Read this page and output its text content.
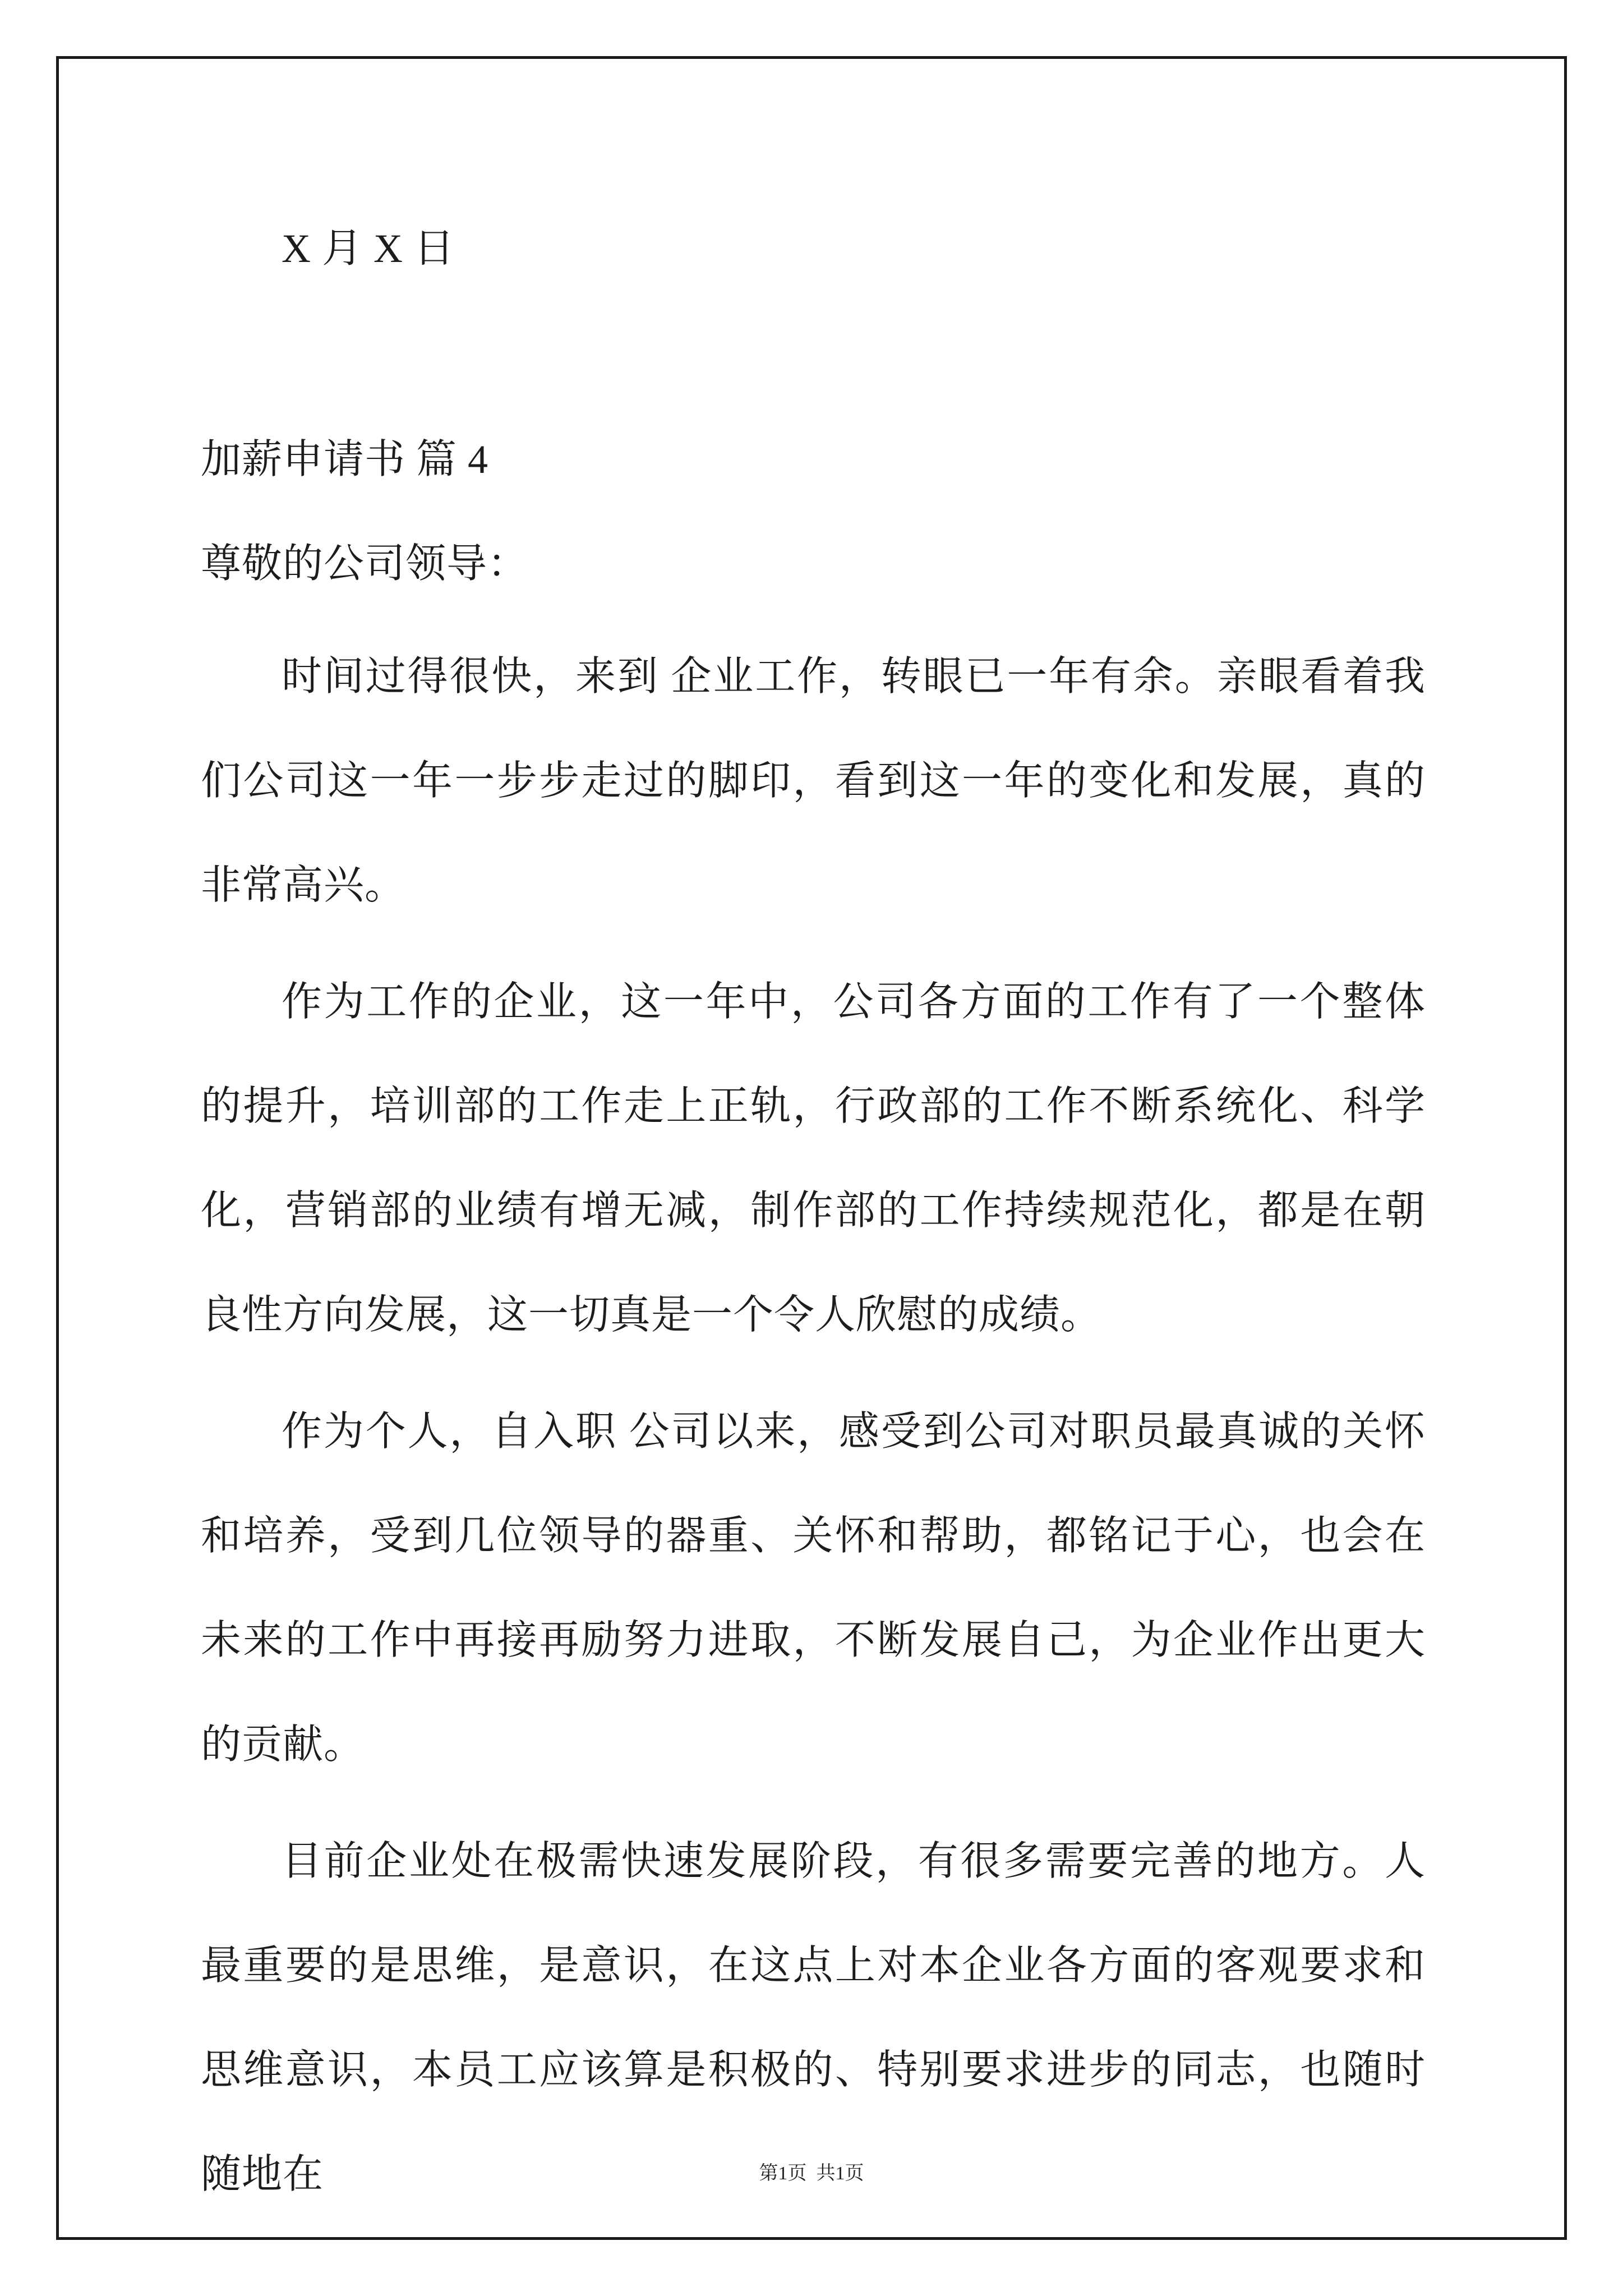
X 月 X 日

加薪申请书 篇 4

尊敬的公司领导：

时间过得很快，来到 企业工作，转眼已一年有余。亲眼看着我们公司这一年一步步走过的脚印，看到这一年的变化和发展，真的非常高兴。

作为工作的企业，这一年中，公司各方面的工作有了一个整体的提升，培训部的工作走上正轨，行政部的工作不断系统化、科学化，营销部的业绩有增无减，制作部的工作持续规范化，都是在朝良性方向发展，这一切真是一个令人欣慰的成绩。

作为个人，自入职 公司以来，感受到公司对职员最真诚的关怀和培养，受到几位领导的器重、关怀和帮助，都铭记于心，也会在未来的工作中再接再励努力进取，不断发展自己，为企业作出更大的贡献。

目前企业处在极需快速发展阶段，有很多需要完善的地方。人最重要的是思维，是意识，在这点上对本企业各方面的客观要求和思维意识，本员工应该算是积极的、特别要求进步的同志，也随时随地在	第1页  共1页
